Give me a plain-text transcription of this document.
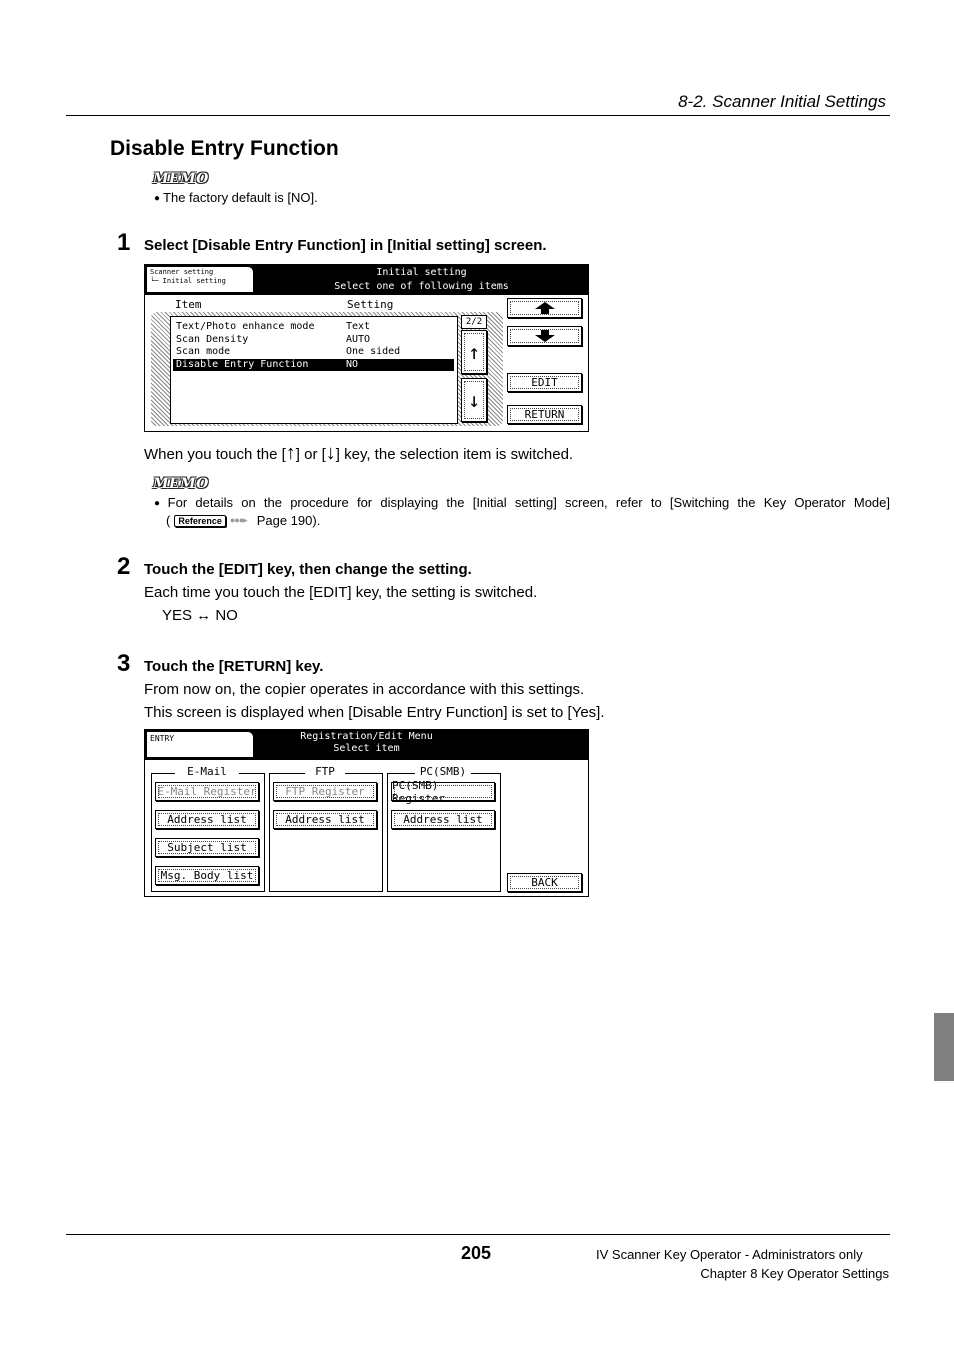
8-2. Scanner Initial Settings
Disable Entry Function
MEMO
● The factory default is [NO].
1 Select [Disable Entry Function] in [Initial setting] screen.
Scanner setting
└─ Initial setting
Initial setting
Select one of following items
Item	Setting
Text/Photo enhance mode	Text
Scan Density	AUTO
Scan mode	One sided
Disable Entry Function	NO
2/2
↑
↓
EDIT
RETURN
When you touch the [↑] or [↓] key, the selection item is switched.
MEMO
● For details on the procedure for displaying the [Initial setting] screen, refer to [Switching the Key Operator Mode]
( Reference ●●●▸ Page 190).
2 Touch the [EDIT] key, then change the setting.
Each time you touch the [EDIT] key, the setting is switched.
YES ↔ NO
3 Touch the [RETURN] key.
From now on, the copier operates in accordance with this settings.
This screen is displayed when [Disable Entry Function] is set to [Yes].
ENTRY	Registration/Edit Menu
Select item
E-Mail
E-Mail Register
Address list
Subject list
Msg. Body list
FTP
FTP Register
Address list
PC(SMB)
PC(SMB) Register
Address list
BACK
205	IV Scanner Key Operator - Administrators only
Chapter 8 Key Operator Settings
